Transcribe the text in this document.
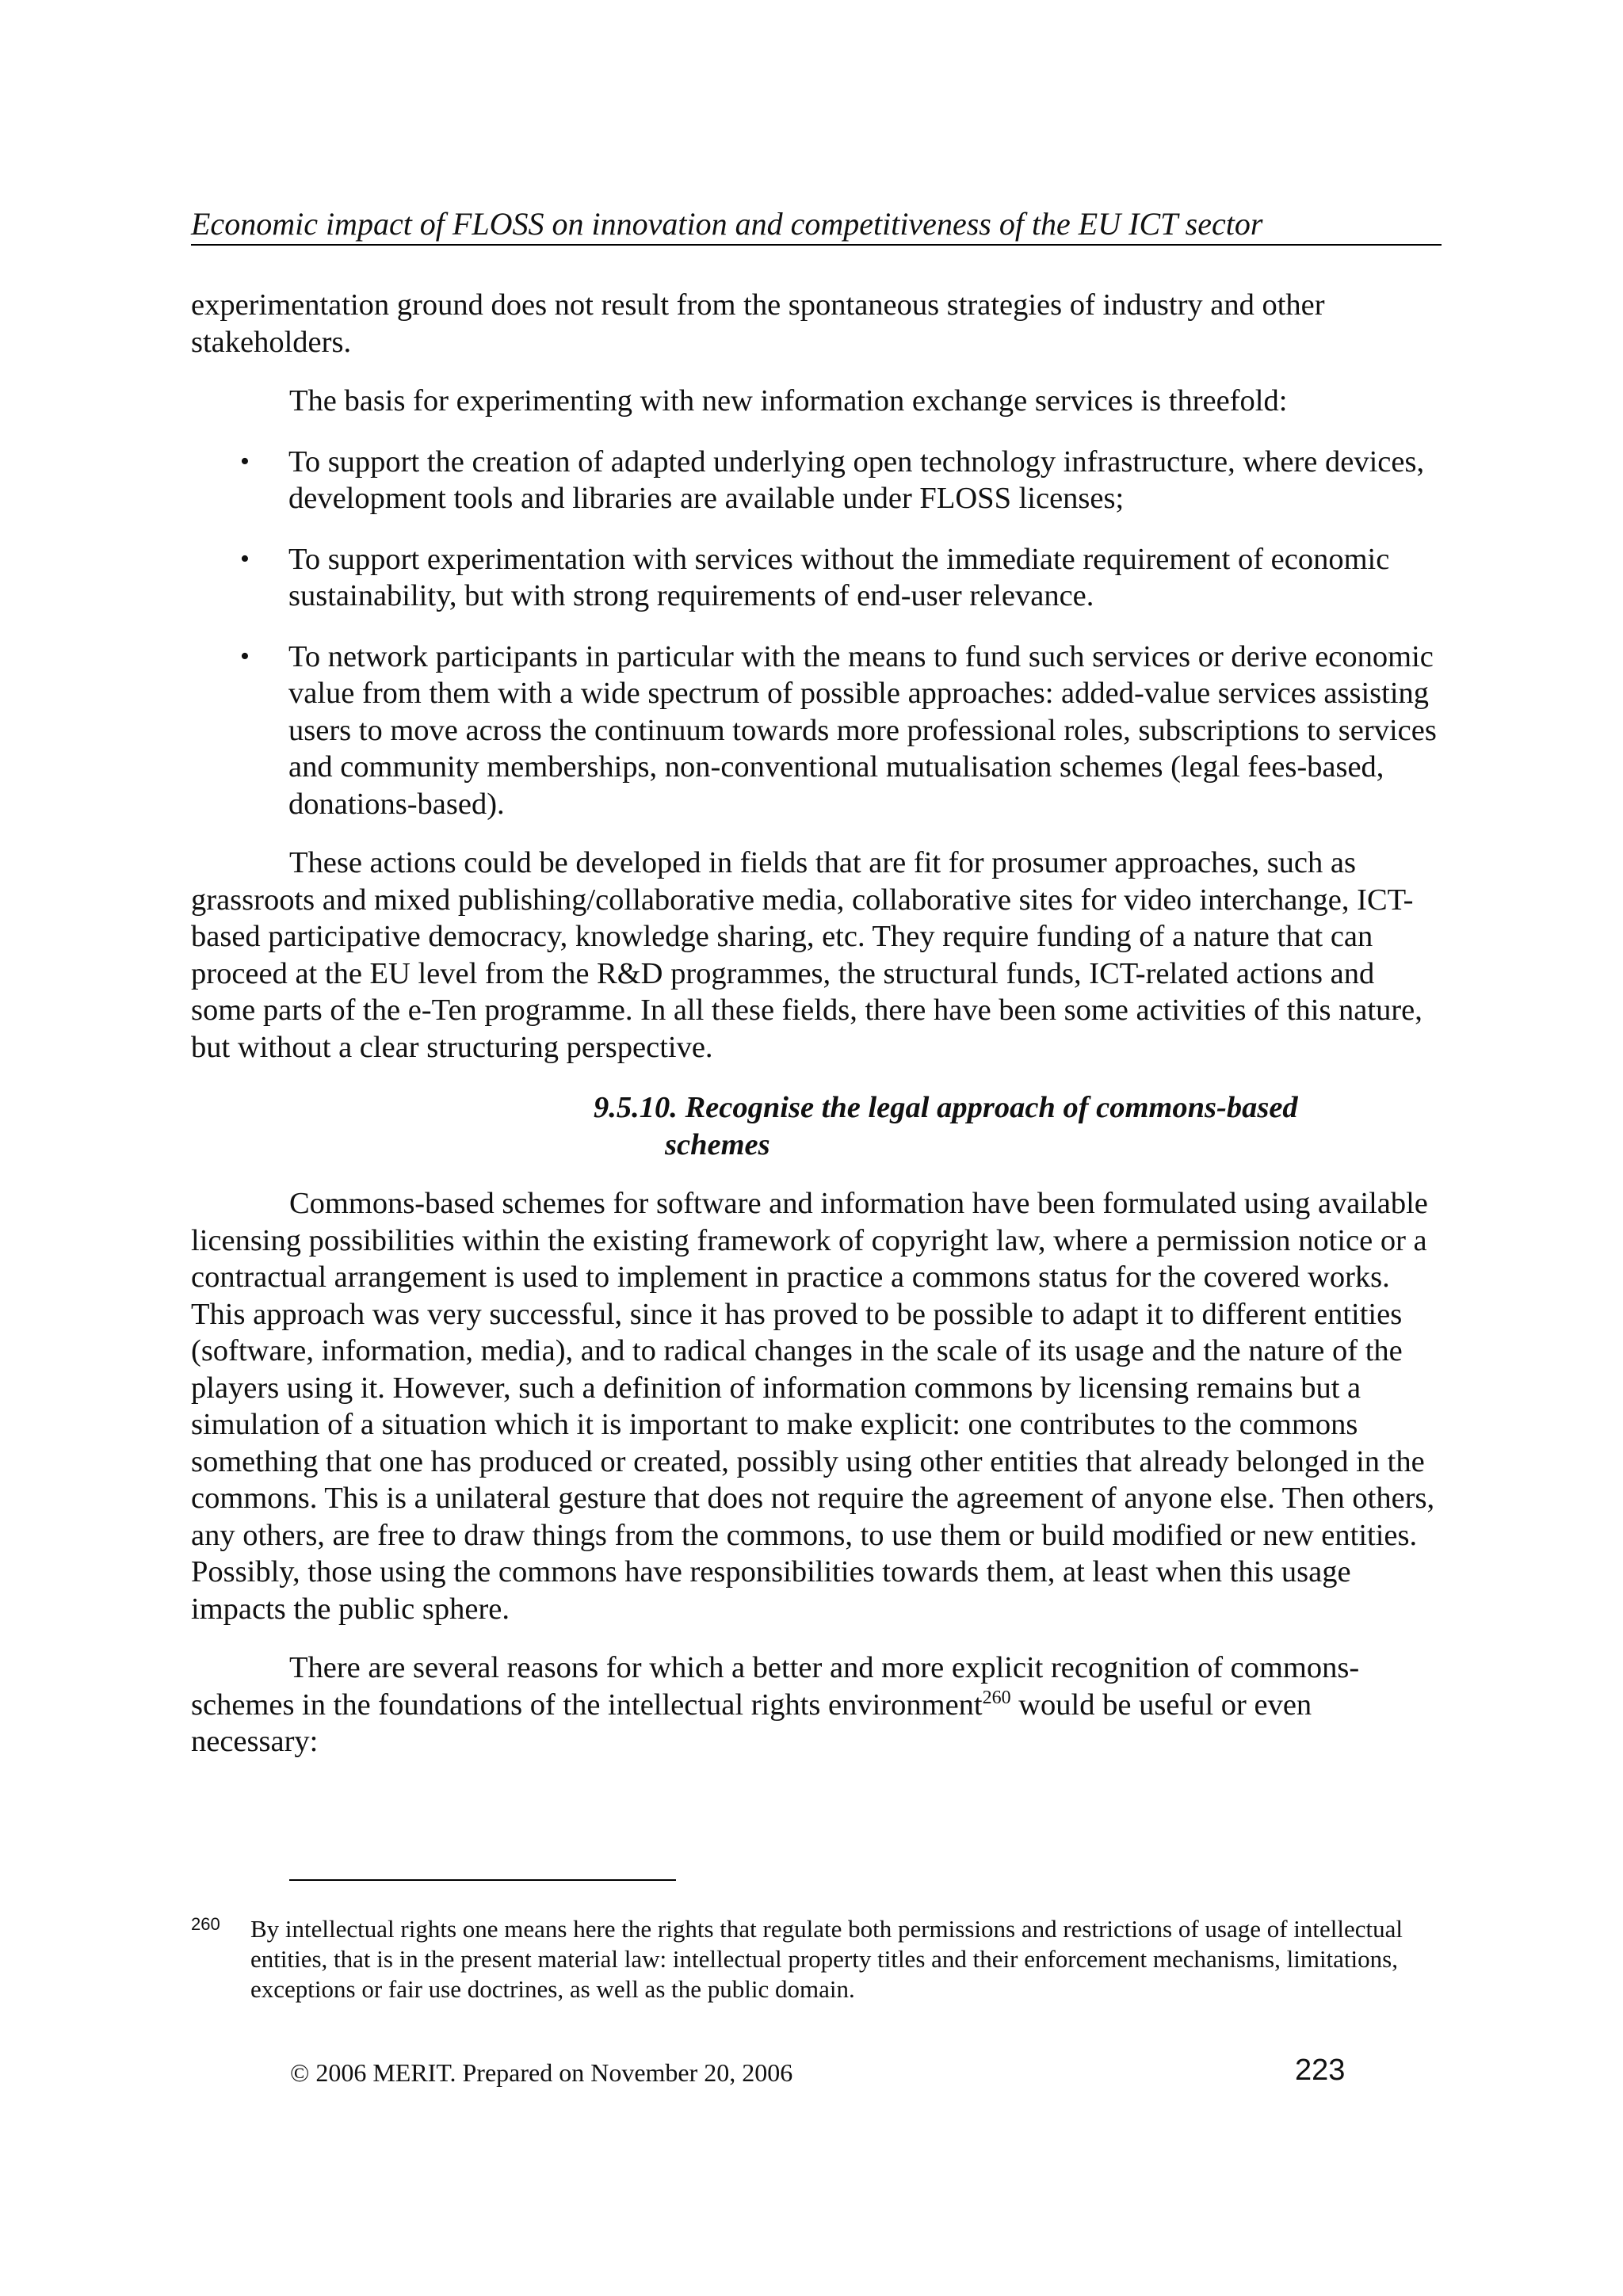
Economic impact of FLOSS on innovation and competitiveness of the EU ICT sector

experimentation ground does not result from the spontaneous strategies of industry and other stakeholders.

The basis for experimenting with new information exchange services is threefold:

• To support the creation of adapted underlying open technology infrastructure, where devices, development tools and libraries are available under FLOSS licenses;
• To support experimentation with services without the immediate requirement of economic sustainability, but with strong requirements of end-user relevance.
• To network participants in particular with the means to fund such services or derive economic value from them with a wide spectrum of possible approaches: added-value services assisting users to move across the continuum towards more professional roles, subscriptions to services and community memberships, non-conventional mutualisation schemes (legal fees-based, donations-based).

These actions could be developed in fields that are fit for prosumer approaches, such as grassroots and mixed publishing/collaborative media, collaborative sites for video interchange, ICT-based participative democracy, knowledge sharing, etc. They require funding of a nature that can proceed at the EU level from the R&D programmes, the structural funds, ICT-related actions and some parts of the e-Ten programme. In all these fields, there have been some activities of this nature, but without a clear structuring perspective.

9.5.10. Recognise the legal approach of commons-based
schemes

Commons-based schemes for software and information have been formulated using available licensing possibilities within the existing framework of copyright law, where a permission notice or a contractual arrangement is used to implement in practice a commons status for the covered works. This approach was very successful, since it has proved to be possible to adapt it to different entities (software, information, media), and to radical changes in the scale of its usage and the nature of the players using it. However, such a definition of information commons by licensing remains but a simulation of a situation which it is important to make explicit: one contributes to the commons something that one has produced or created, possibly using other entities that already belonged in the commons. This is a unilateral gesture that does not require the agreement of anyone else. Then others, any others, are free to draw things from the commons, to use them or build modified or new entities. Possibly, those using the commons have responsibilities towards them, at least when this usage impacts the public sphere.

There are several reasons for which a better and more explicit recognition of commons-schemes in the foundations of the intellectual rights environment$^{260}$ would be useful or even necessary:

260 By intellectual rights one means here the rights that regulate both permissions and restrictions of usage of intellectual entities, that is in the present material law: intellectual property titles and their enforcement mechanisms, limitations, exceptions or fair use doctrines, as well as the public domain.
© 2006 MERIT. Prepared on November 20, 2006	223
